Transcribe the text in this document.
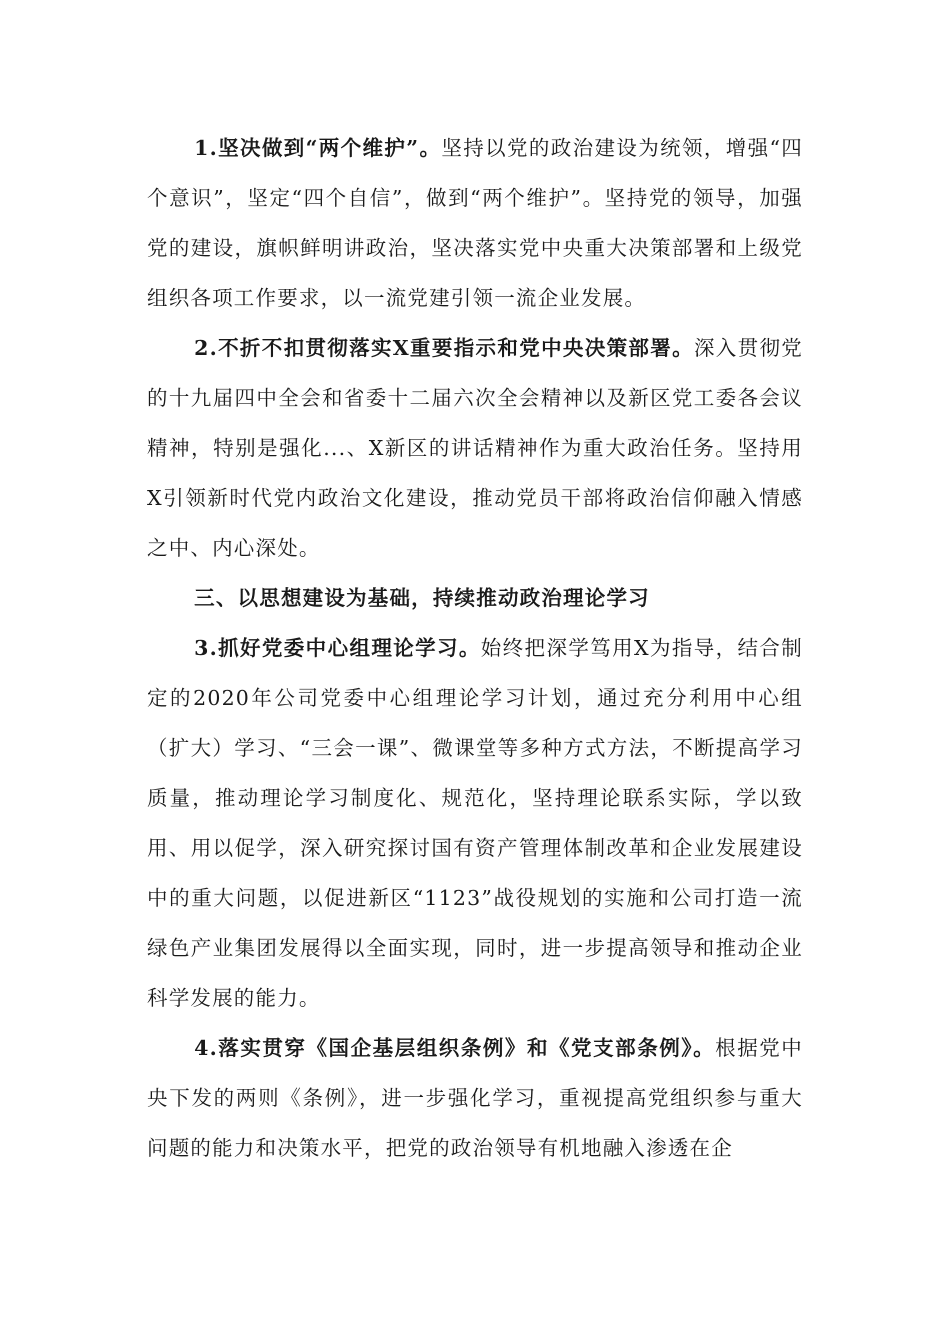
1.坚决做到“两个维护”。坚持以党的政治建设为统领，增强“四个意识”，坚定“四个自信”，做到“两个维护”。坚持党的领导，加强党的建设，旗帜鲜明讲政治，坚决落实党中央重大决策部署和上级党组织各项工作要求，以一流党建引领一流企业发展。

2.不折不扣贯彻落实X重要指示和党中央决策部署。深入贯彻党的十九届四中全会和省委十二届六次全会精神以及新区党工委各会议精神，特别是强化...、X新区的讲话精神作为重大政治任务。坚持用X引领新时代党内政治文化建设，推动党员干部将政治信仰融入情感之中、内心深处。

三、以思想建设为基础，持续推动政治理论学习

3.抓好党委中心组理论学习。始终把深学笃用X为指导，结合制定的2020年公司党委中心组理论学习计划，通过充分利用中心组（扩大）学习、“三会一课”、微课堂等多种方式方法，不断提高学习质量，推动理论学习制度化、规范化，坚持理论联系实际，学以致用、用以促学，深入研究探讨国有资产管理体制改革和企业发展建设中的重大问题，以促进新区“1123”战役规划的实施和公司打造一流绿色产业集团发展得以全面实现，同时，进一步提高领导和推动企业科学发展的能力。

4.落实贯穿《国企基层组织条例》和《党支部条例》。根据党中央下发的两则《条例》，进一步强化学习，重视提高党组织参与重大问题的能力和决策水平，把党的政治领导有机地融入渗透在企
